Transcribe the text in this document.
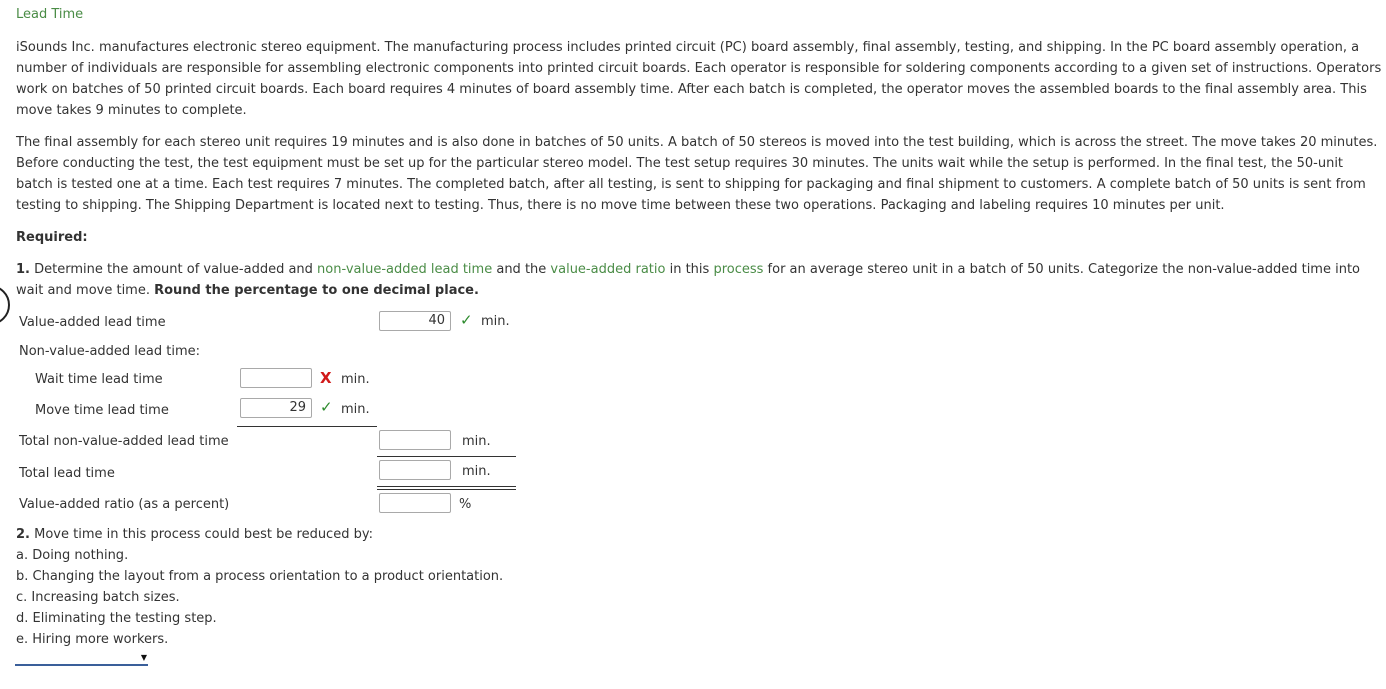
Lead Time

iSounds Inc. manufactures electronic stereo equipment. The manufacturing process includes printed circuit (PC) board assembly, final assembly, testing, and shipping. In the PC board assembly operation, a number of individuals are responsible for assembling electronic components into printed circuit boards. Each operator is responsible for soldering components according to a given set of instructions. Operators work on batches of 50 printed circuit boards. Each board requires 4 minutes of board assembly time. After each batch is completed, the operator moves the assembled boards to the final assembly area. This move takes 9 minutes to complete.

The final assembly for each stereo unit requires 19 minutes and is also done in batches of 50 units. A batch of 50 stereos is moved into the test building, which is across the street. The move takes 20 minutes. Before conducting the test, the test equipment must be set up for the particular stereo model. The test setup requires 30 minutes. The units wait while the setup is performed. In the final test, the 50-unit batch is tested one at a time. Each test requires 7 minutes. The completed batch, after all testing, is sent to shipping for packaging and final shipment to customers. A complete batch of 50 units is sent from testing to shipping. The Shipping Department is located next to testing. Thus, there is no move time between these two operations. Packaging and labeling requires 10 minutes per unit.

Required:

1. Determine the amount of value-added and non-value-added lead time and the value-added ratio in this process for an average stereo unit in a batch of 50 units. Categorize the non-value-added time into wait and move time. Round the percentage to one decimal place.

Value-added lead time	40	✓ min.
Non-value-added lead time:
Wait time lead time	X min.
Move time lead time	29 ✓ min.
Total non-value-added lead time	min.
Total lead time	min.
Value-added ratio (as a percent)	%
2. Move time in this process could best be reduced by:
a. Doing nothing.
b. Changing the layout from a process orientation to a product orientation.
c. Increasing batch sizes.
d. Eliminating the testing step.
e. Hiring more workers.
▼
